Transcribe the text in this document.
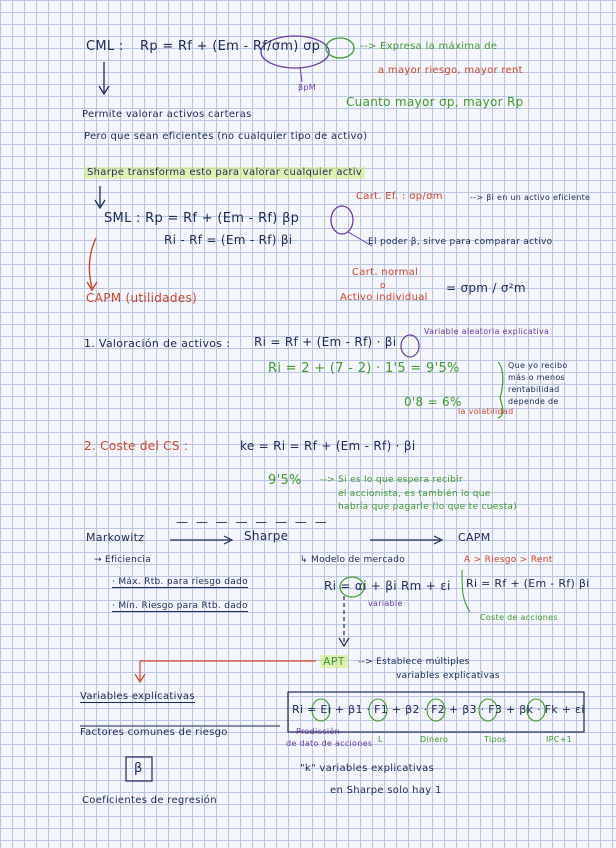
CML : Rp = Rf + (Em - Rf/σm) σp	--> Expresa la máxima de
a mayor riesgo, mayor rent
βpM
Cuanto mayor σp, mayor Rp
Permite valorar activos carteras
Pero que sean eficientes (no cualquier tipo de activo)
Sharpe transforma esto para valorar cualquier activ
SML : Rp = Rf + (Em - Rf) βp
Ri - Rf = (Em - Rf) βi	El poder β, sirve para comparar activo
Cart. Ef. : σp/σm	--> βi en un activo eficiente
Cart. normal
o
Activo individual
= σpm / σ²m
CAPM (utilidades)
1. Valoración de activos : Ri = Rf + (Em - Rf) · βi
Variable aleatoria explicativa
Ri = 2 + (7 - 2) · 1'5 = 9'5%	Que yo recibo
más o menos
rentabilidad
depende de
la volatilidad
0'8 = 6%
2. Coste del CS :	ke = Ri = Rf + (Em - Rf) · βi
9'5% --> Si es lo que espera recibir
el accionista, es también lo que
habría que pagarle (lo que te cuesta)
— — — — — — — —
Markowitz	Sharpe	CAPM
→ Eficiencia
· Máx. Rtb. para riesgo dado
· Mín. Riesgo para Rtb. dado
↳ Modelo de mercado
Ri = αi + βi Rm + εi
variable
A > Riesgo > Rent
Ri = Rf + (Em - Rf) βi
Coste de acciones
APT	--> Establece múltiples
variables explicativas
Variables explicativas
Factores comunes de riesgo
β
Coeficientes de regresión
Ri = Ei + β1 · F1 + β2 · F2 + β3 · F3 + βk · Fk + εi
Predicción
de dato de acciones L	Dinero	Tipos	IPC+1
"k" variables explicativas
en Sharpe solo hay 1
